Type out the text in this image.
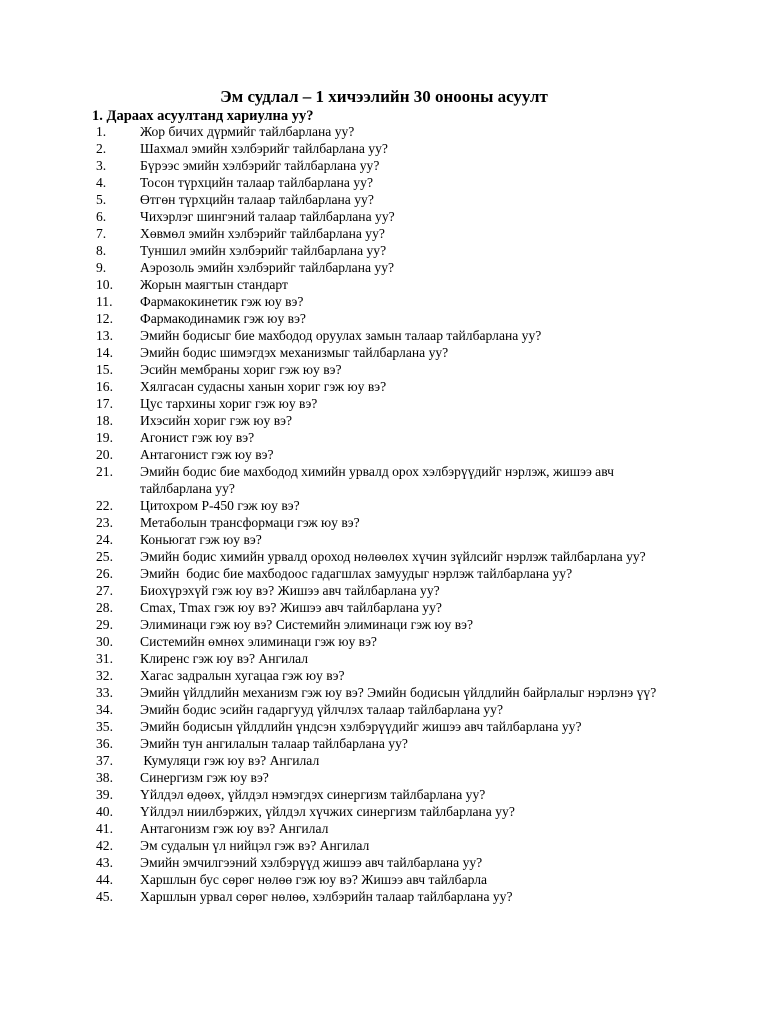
Эм судлал – 1 хичээлийн 30 онооны асуулт
1. Дараах асуултанд хариулна уу?
1.	Жор бичих дүрмийг тайлбарлана уу?
2.	Шахмал эмийн хэлбэрийг тайлбарлана уу?
3.	Бүрээс эмийн хэлбэрийг тайлбарлана уу?
4.	Тосон түрхцийн талаар тайлбарлана уу?
5.	Өтгөн түрхцийн талаар тайлбарлана уу?
6.	Чихэрлэг шингэний талаар тайлбарлана уу?
7.	Хөвмөл эмийн хэлбэрийг тайлбарлана уу?
8.	Туншил эмийн хэлбэрийг тайлбарлана уу?
9.	Аэрозоль эмийн хэлбэрийг тайлбарлана уу?
10.	Жорын маягтын стандарт
11.	Фармакокинетик гэж юу вэ?
12.	Фармакодинамик гэж юу вэ?
13.	Эмийн бодисыг бие махбодод оруулах замын талаар тайлбарлана уу?
14.	Эмийн бодис шимэгдэх механизмыг тайлбарлана уу?
15.	Эсийн мембраны хориг гэж юу вэ?
16.	Хялгасан судасны ханын хориг гэж юу вэ?
17.	Цус тархины хориг гэж юу вэ?
18.	Ихэсийн хориг гэж юу вэ?
19.	Агонист гэж юу вэ?
20.	Антагонист гэж юу вэ?
21.	Эмийн бодис бие махбодод химийн урвалд орох хэлбэрүүдийг нэрлэж, жишээ авч тайлбарлана уу?
22.	Цитохром Р-450 гэж юу вэ?
23.	Метаболын трансформаци гэж юу вэ?
24.	Коньюгат гэж юу вэ?
25.	Эмийн бодис химийн урвалд ороход нөлөөлөх хүчин зүйлсийг нэрлэж тайлбарлана уу?
26.	Эмийн  бодис бие махбодоос гадагшлах замуудыг нэрлэж тайлбарлана уу?
27.	Биохүрэхүй гэж юу вэ? Жишээ авч тайлбарлана уу?
28.	Cmax, Tmax гэж юу вэ? Жишээ авч тайлбарлана уу?
29.	Элиминаци гэж юу вэ? Системийн элиминаци гэж юу вэ?
30.	Системийн өмнөх элиминаци гэж юу вэ?
31.	Клиренс гэж юу вэ? Ангилал
32.	Хагас задралын хугацаа гэж юу вэ?
33.	Эмийн үйлдлийн механизм гэж юу вэ? Эмийн бодисын үйлдлийн байрлалыг нэрлэнэ үү?
34.	Эмийн бодис эсийн гадаргууд үйлчлэх талаар тайлбарлана уу?
35.	Эмийн бодисын үйлдлийн үндсэн хэлбэрүүдийг жишээ авч тайлбарлана уу?
36.	Эмийн тун ангилалын талаар тайлбарлана уу?
37.	Кумуляци гэж юу вэ? Ангилал
38.	Синергизм гэж юу вэ?
39.	Үйлдэл өдөөх, үйлдэл нэмэгдэх синергизм тайлбарлана уу?
40.	Үйлдэл ниилбэржих, үйлдэл хүчжих синергизм тайлбарлана уу?
41.	Антагонизм гэж юу вэ? Ангилал
42.	Эм судалын үл нийцэл гэж вэ? Ангилал
43.	Эмийн эмчилгээний хэлбэрүүд жишээ авч тайлбарлана уу?
44.	Харшлын бус сөрөг нөлөө гэж юу вэ? Жишээ авч тайлбарла
45.	Харшлын урвал сөрөг нөлөө, хэлбэрийн талаар тайлбарлана уу?
